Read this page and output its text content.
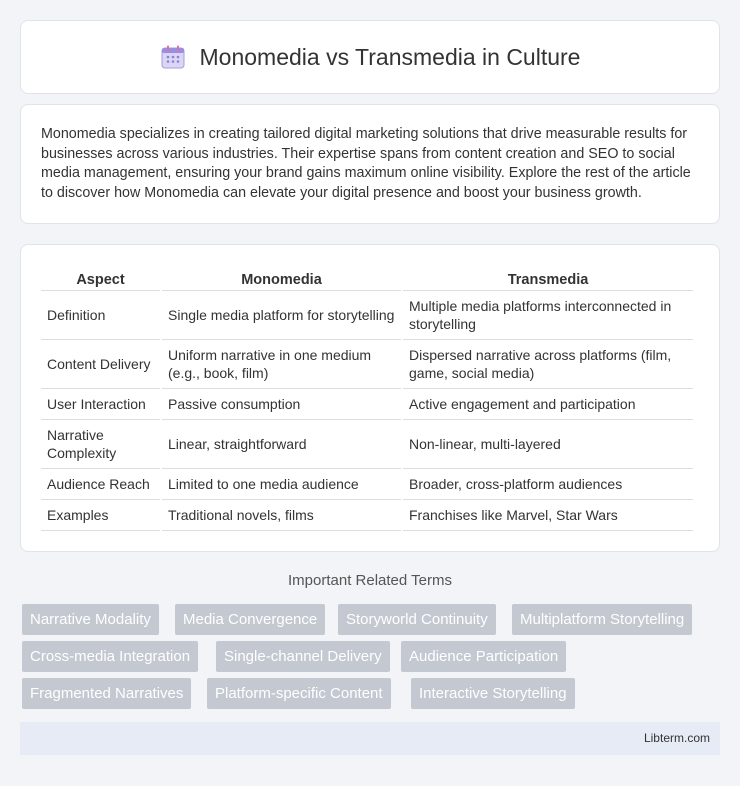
Monomedia vs Transmedia in Culture

Monomedia specializes in creating tailored digital marketing solutions that drive measurable results for businesses across various industries. Their expertise spans from content creation and SEO to social media management, ensuring your brand gains maximum online visibility. Explore the rest of the article to discover how Monomedia can elevate your digital presence and boost your business growth.

Aspect	Monomedia	Transmedia
Definition	Single media platform for storytelling	Multiple media platforms interconnected in storytelling
Content Delivery	Uniform narrative in one medium (e.g., book, film)	Dispersed narrative across platforms (film, game, social media)
User Interaction	Passive consumption	Active engagement and participation
Narrative Complexity	Linear, straightforward	Non-linear, multi-layered
Audience Reach	Limited to one media audience	Broader, cross-platform audiences
Examples	Traditional novels, films	Franchises like Marvel, Star Wars
Important Related Terms
Narrative Modality	Media Convergence	Storyworld Continuity	Multiplatform Storytelling
Cross-media Integration	Single-channel Delivery	Audience Participation
Fragmented Narratives	Platform-specific Content	Interactive Storytelling
Libterm.com
